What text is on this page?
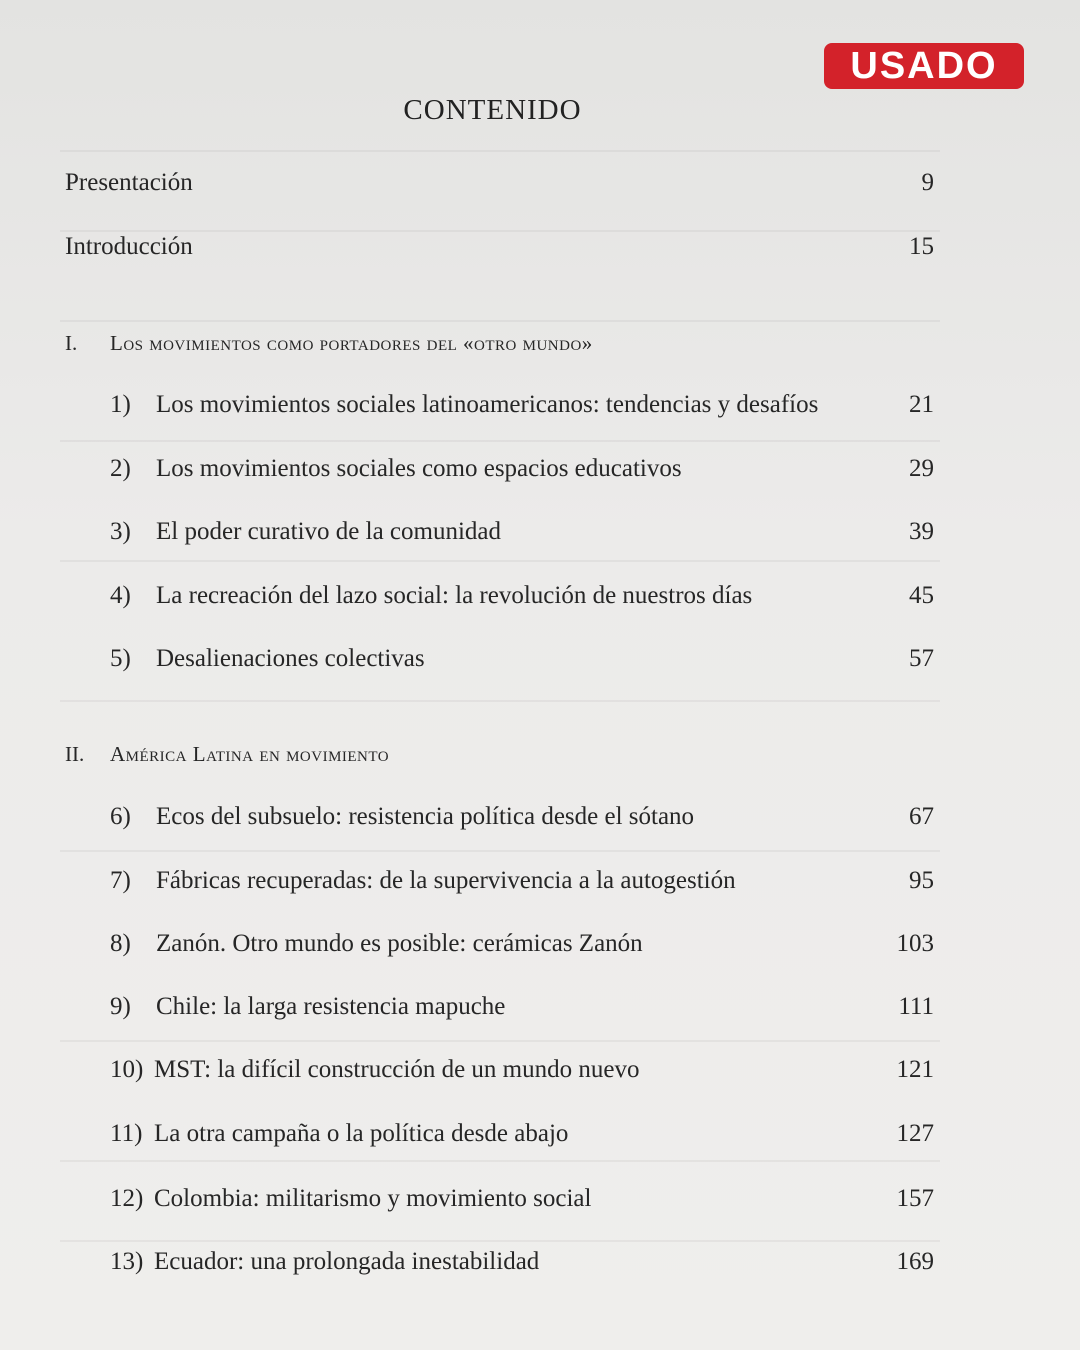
USADO
CONTENIDO
Presentación	9
Introducción	15
I. Los movimientos como portadores del «otro mundo»
1)	Los movimientos sociales latinoamericanos: tendencias y desafíos	21
2)	Los movimientos sociales como espacios educativos	29
3)	El poder curativo de la comunidad	39
4)	La recreación del lazo social: la revolución de nuestros días	45
5)	Desalienaciones colectivas	57
II. América Latina en movimiento
6)	Ecos del subsuelo: resistencia política desde el sótano	67
7)	Fábricas recuperadas: de la supervivencia a la autogestión	95
8)	Zanón. Otro mundo es posible: cerámicas Zanón	103
9)	Chile: la larga resistencia mapuche	111
10) MST: la difícil construcción de un mundo nuevo	121
11) La otra campaña o la política desde abajo	127
12) Colombia: militarismo y movimiento social	157
13) Ecuador: una prolongada inestabilidad	169
